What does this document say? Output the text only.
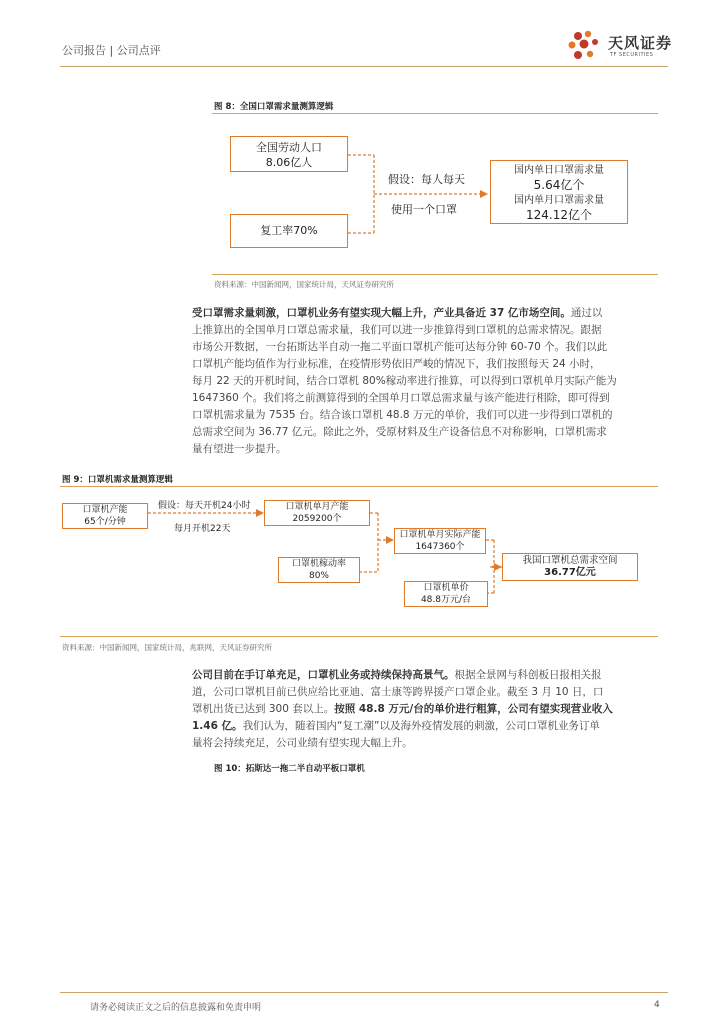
公司报告 | 公司点评	天风证券
TF SECURITIES
图 8：全国口罩需求量测算逻辑
全国劳动人口
8.06亿人
复工率70%
假设：每人每天
使用一个口罩
国内单日口罩需求量
5.64亿个
国内单月口罩需求量
124.12亿个
资料来源：中国新闻网，国家统计局，天风证券研究所
受口罩需求量刺激，口罩机业务有望实现大幅上升，产业具备近 37 亿市场空间。通过以
上推算出的全国单月口罩总需求量，我们可以进一步推算得到口罩机的总需求情况。跟据
市场公开数据，一台拓斯达半自动一拖二平面口罩机产能可达每分钟 60-70 个。我们以此
口罩机产能均值作为行业标准，在疫情形势依旧严峻的情况下，我们按照每天 24 小时，
每月 22 天的开机时间，结合口罩机 80%稼动率进行推算，可以得到口罩机单月实际产能为
1647360 个。我们将之前测算得到的全国单月口罩总需求量与该产能进行相除，即可得到
口罩机需求量为 7535 台。结合该口罩机 48.8 万元的单价，我们可以进一步得到口罩机的
总需求空间为 36.77 亿元。除此之外，受原材料及生产设备信息不对称影响，口罩机需求
量有望进一步提升。
图 9：口罩机需求量测算逻辑
口罩机产能
65个/分钟
假设：每天开机24小时
每月开机22天
口罩机单月产能
2059200个
口罩机单月实际产能
1647360个
口罩机稼动率
80%
口罩机单价
48.8万元/台
我国口罩机总需求空间
36.77亿元
资料来源：中国新闻网，国家统计局，兆联网，天风证券研究所
公司目前在手订单充足，口罩机业务或持续保持高景气。根据全景网与科创板日报相关报
道，公司口罩机目前已供应给比亚迪、富士康等跨界援产口罩企业。截至 3 月 10 日，口
罩机出货已达到 300 套以上。按照 48.8 万元/台的单价进行粗算，公司有望实现营业收入
1.46 亿。我们认为，随着国内“复工潮”以及海外疫情发展的刺激，公司口罩机业务订单
量将会持续充足，公司业绩有望实现大幅上升。
图 10：拓斯达一拖二半自动平板口罩机
请务必阅读正文之后的信息披露和免责申明	4
